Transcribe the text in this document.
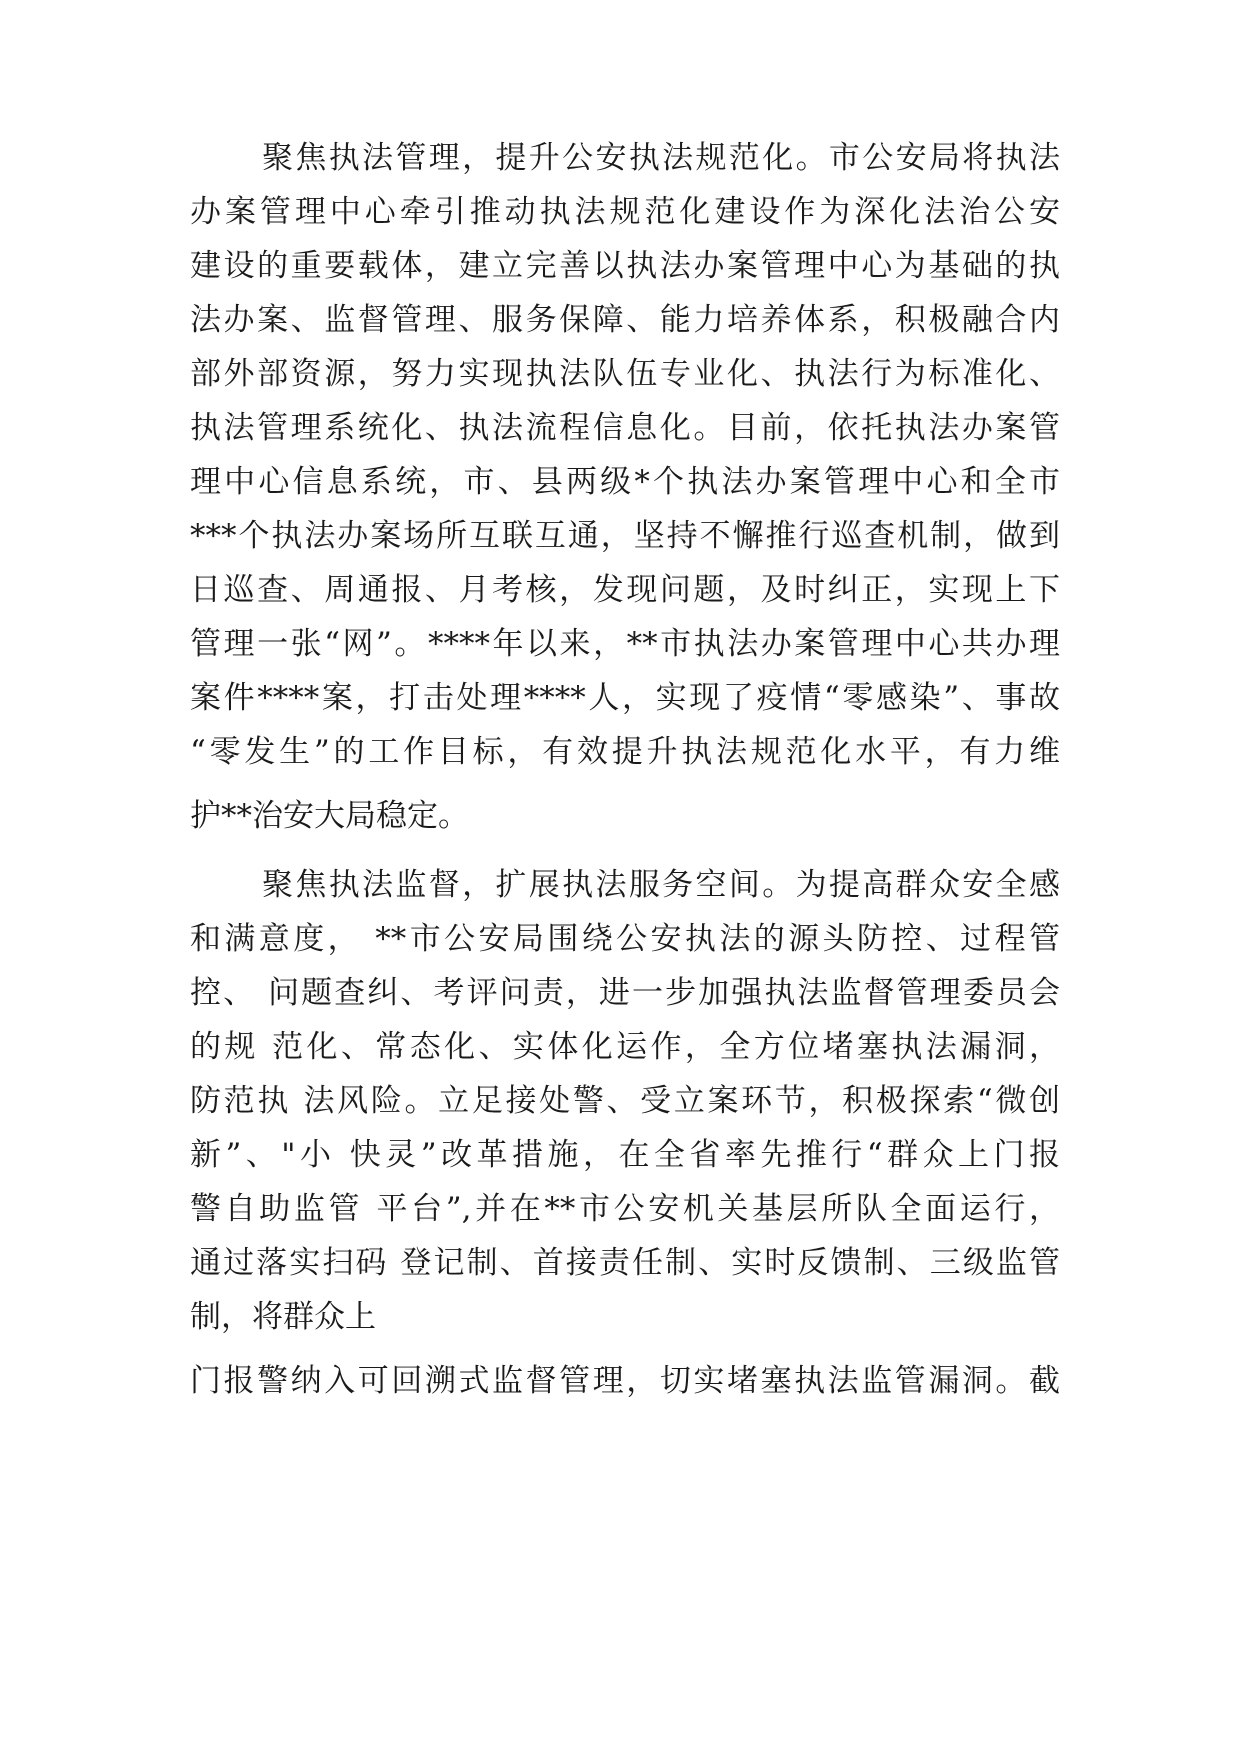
聚焦执法管理，提升公安执法规范化。市公安局将执法
办案管理中心牵引推动执法规范化建设作为深化法治公安
建设的重要载体，建立完善以执法办案管理中心为基础的执
法办案、监督管理、服务保障、能力培养体系，积极融合内
部外部资源，努力实现执法队伍专业化、执法行为标准化、
执法管理系统化、执法流程信息化。目前，依托执法办案管
理中心信息系统，市、县两级*个执法办案管理中心和全市
***个执法办案场所互联互通，坚持不懈推行巡查机制，做到
日巡查、周通报、月考核，发现问题，及时纠正，实现上下
管理一张“网”。****年以来，**市执法办案管理中心共办理
案件****案，打击处理****人，实现了疫情“零感染”、事故
“零发生”的工作目标，有效提升执法规范化水平，有力维
护**治安大局稳定。
聚焦执法监督，扩展执法服务空间。为提高群众安全感
和满意度， **市公安局围绕公安执法的源头防控、过程管
控、 问题查纠、考评问责，进一步加强执法监督管理委员会
的规 范化、常态化、实体化运作，全方位堵塞执法漏洞，
防范执 法风险。立足接处警、受立案环节，积极探索“微创
新”、"小 快灵”改革措施，在全省率先推行“群众上门报
警自助监管 平台”,并在**市公安机关基层所队全面运行，
通过落实扫码 登记制、首接责任制、实时反馈制、三级监管
制，将群众上
门报警纳入可回溯式监督管理，切实堵塞执法监管漏洞。截
